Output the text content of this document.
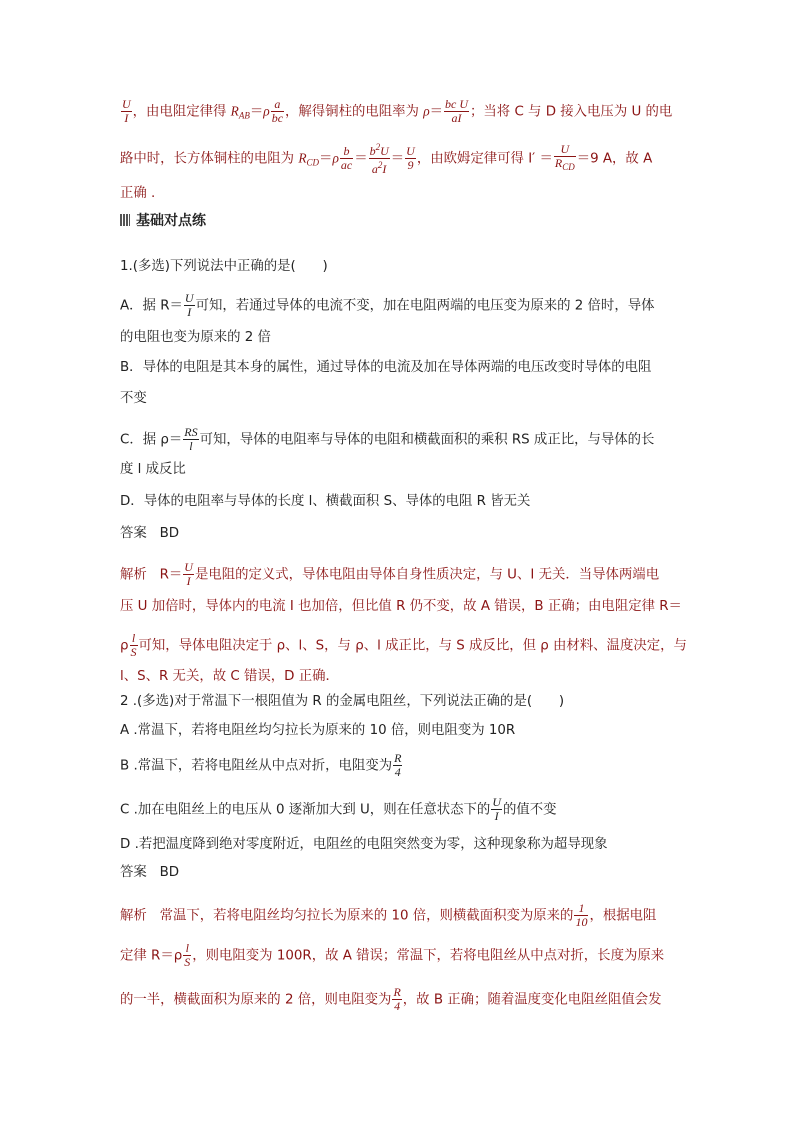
$\frac{U}{I}$ ，由电阻定律得 $R_{AB}=\rho \frac{a}{bc}$ ，解得铜柱的电阻率为 $\rho= \frac{\text{bc U}}{aI}$ ；当将 C 与 D 接入电压为 U 的电
路中时，长方体铜柱的电阻为 $R_{CD}=\rho \frac{b}{ac} = \frac{b^2U}{a^2I} = \frac{U}{9}$ ，由欧姆定律可得 $I' = \frac{U}{R_{CD}} =9$ A，故 A
正确 .
基础对点练
1.(多选)下列说法中正确的是(　　)
A．据 $R= \frac{U}{I}$ 可知，若通过导体的电流不变，加在电阻两端的电压变为原来的 2 倍时，导体
的电阻也变为原来的 2 倍
B．导体的电阻是其本身的属性，通过导体的电流及加在导体两端的电压改变时导体的电阻
不变
C．据 $\rho= \frac{RS}{l}$ 可知，导体的电阻率与导体的电阻和横截面积的乘积 RS 成正比，与导体的长
度 l 成反比
D．导体的电阻率与导体的长度 l、横截面积 S、导体的电阻 R 皆无关
答案 BD
解析 $R= \frac{U}{I}$ 是电阻的定义式，导体电阻由导体自身性质决定，与 U、I 无关．当导体两端电
压 U 加倍时，导体内的电流 I 也加倍，但比值 R 仍不变，故 A 错误，B 正确；由电阻定律 R＝
ρ $\frac{l}{S}$ 可知，导体电阻决定于 ρ、l、S，与 ρ、l 成正比，与 S 成反比，但 ρ 由材料、温度决定，与
l、S、R 无关，故 C 错误，D 正确．
2 .(多选)对于常温下一根阻值为 R 的金属电阻丝，下列说法正确的是(　　)
A .常温下，若将电阻丝均匀拉长为原来的 10 倍，则电阻变为 10R
B .常温下，若将电阻丝从中点对折，电阻变为 $\frac{R}{4}$
C .加在电阻丝上的电压从 0 逐渐加大到 U，则在任意状态下的 $\frac{U}{I}$ 的值不变
D .若把温度降到绝对零度附近，电阻丝的电阻突然变为零，这种现象称为超导现象
答案 BD
解析 常温下，若将电阻丝均匀拉长为原来的 10 倍，则横截面积变为原来的 $\frac{1}{10}$ ，根据电阻
定律 $R=\rho \frac{l}{S}$ ，则电阻变为 100R，故 A 错误；常温下，若将电阻丝从中点对折，长度为原来
的一半，横截面积为原来的 2 倍，则电阻变为 $\frac{R}{4}$ ，故 B 正确；随着温度变化电阻丝阻值会发
